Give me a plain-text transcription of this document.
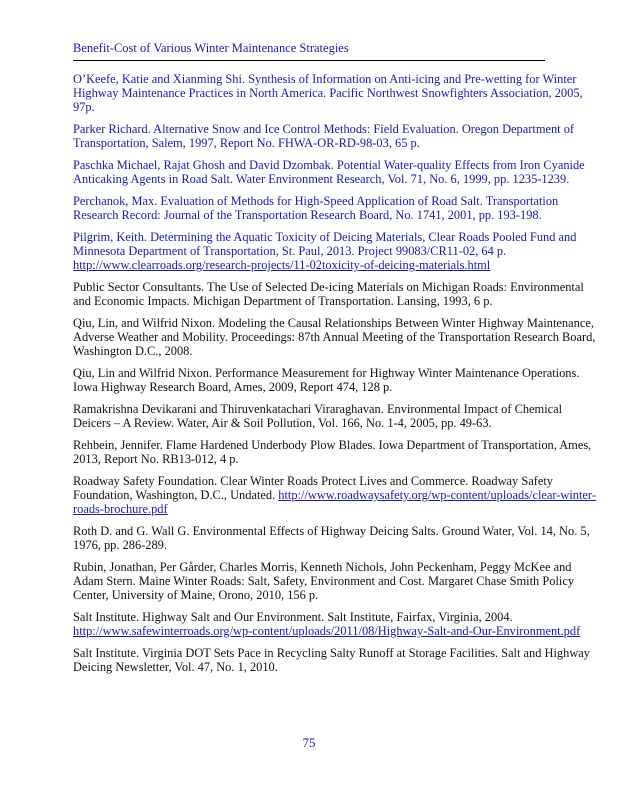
Benefit-Cost of Various Winter Maintenance Strategies

O’Keefe, Katie and Xianming Shi. Synthesis of Information on Anti-icing and Pre-wetting for Winter Highway Maintenance Practices in North America. Pacific Northwest Snowfighters Association, 2005, 97p.

Parker Richard. Alternative Snow and Ice Control Methods: Field Evaluation. Oregon Department of Transportation, Salem, 1997, Report No. FHWA-OR-RD-98-03, 65 p.

Paschka Michael, Rajat Ghosh and David Dzombak. Potential Water-quality Effects from Iron Cyanide Anticaking Agents in Road Salt. Water Environment Research, Vol. 71, No. 6, 1999, pp. 1235-1239.

Perchanok, Max. Evaluation of Methods for High-Speed Application of Road Salt. Transportation Research Record: Journal of the Transportation Research Board, No. 1741, 2001, pp. 193-198.

Pilgrim, Keith. Determining the Aquatic Toxicity of Deicing Materials, Clear Roads Pooled Fund and Minnesota Department of Transportation, St. Paul, 2013. Project 99083/CR11-02, 64 p. http://www.clearroads.org/research-projects/11-02toxicity-of-deicing-materials.html

Public Sector Consultants. The Use of Selected De-icing Materials on Michigan Roads: Environmental and Economic Impacts. Michigan Department of Transportation. Lansing, 1993, 6 p.

Qiu, Lin, and Wilfrid Nixon. Modeling the Causal Relationships Between Winter Highway Maintenance, Adverse Weather and Mobility. Proceedings: 87th Annual Meeting of the Transportation Research Board, Washington D.C., 2008.

Qiu, Lin and Wilfrid Nixon. Performance Measurement for Highway Winter Maintenance Operations. Iowa Highway Research Board, Ames, 2009, Report 474, 128 p.

Ramakrishna Devikarani and Thiruvenkatachari Viraraghavan. Environmental Impact of Chemical Deicers – A Review. Water, Air & Soil Pollution, Vol. 166, No. 1-4, 2005, pp. 49-63.

Rehbein, Jennifer. Flame Hardened Underbody Plow Blades. Iowa Department of Transportation, Ames, 2013, Report No. RB13-012, 4 p.

Roadway Safety Foundation. Clear Winter Roads Protect Lives and Commerce. Roadway Safety Foundation, Washington, D.C., Undated. http://www.roadwaysafety.org/wp-content/uploads/clear-winter-roads-brochure.pdf

Roth D. and G. Wall G. Environmental Effects of Highway Deicing Salts. Ground Water, Vol. 14, No. 5, 1976, pp. 286-289.

Rubin, Jonathan, Per Gårder, Charles Morris, Kenneth Nichols, John Peckenham, Peggy McKee and Adam Stern. Maine Winter Roads: Salt, Safety, Environment and Cost. Margaret Chase Smith Policy Center, University of Maine, Orono, 2010, 156 p.

Salt Institute. Highway Salt and Our Environment. Salt Institute, Fairfax, Virginia, 2004. http://www.safewinterroads.org/wp-content/uploads/2011/08/Highway-Salt-and-Our-Environment.pdf

Salt Institute. Virginia DOT Sets Pace in Recycling Salty Runoff at Storage Facilities. Salt and Highway Deicing Newsletter, Vol. 47, No. 1, 2010.

75
